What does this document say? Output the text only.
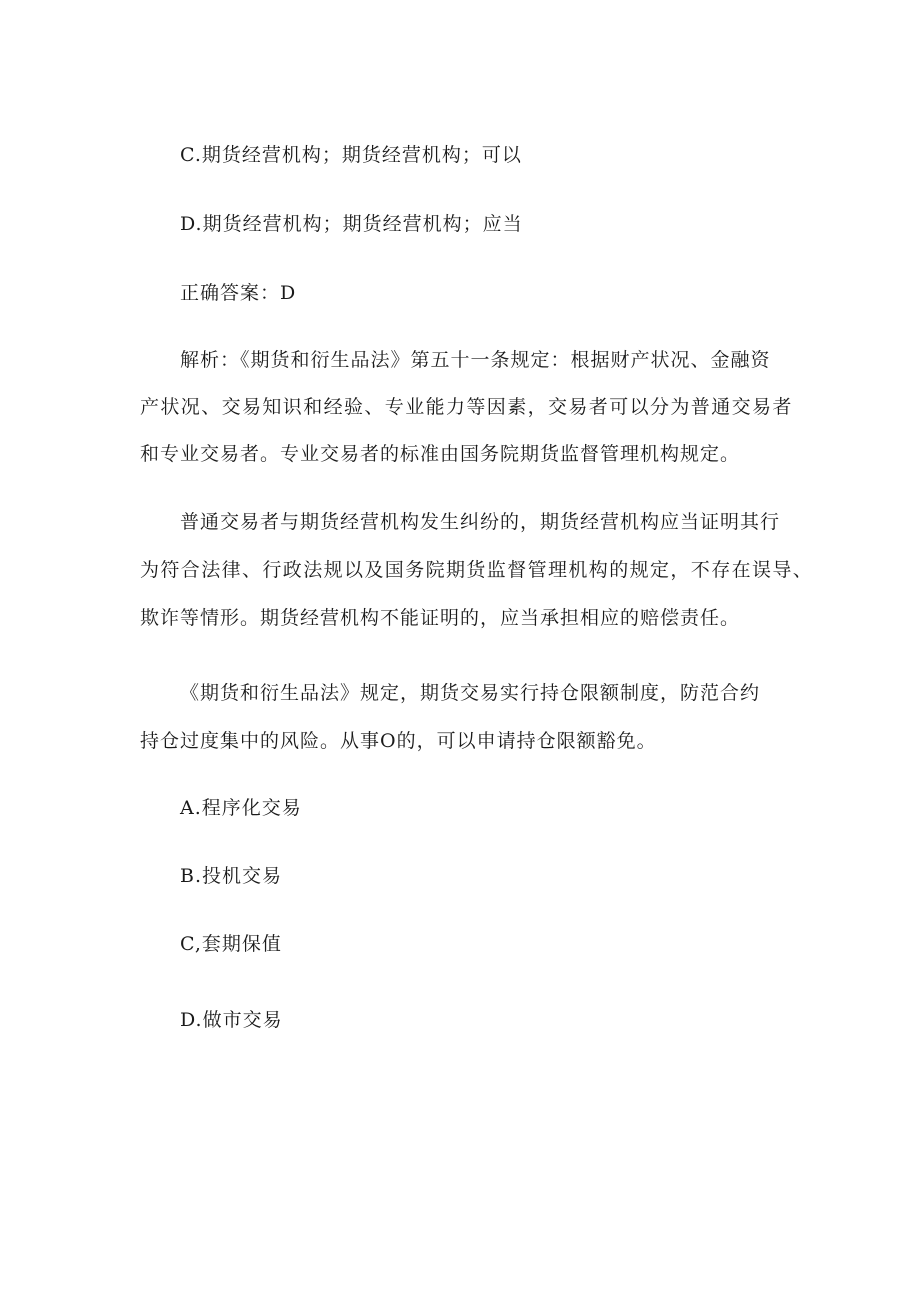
C.期货经营机构；期货经营机构；可以
D.期货经营机构；期货经营机构；应当
正确答案：D
解析：《期货和衍生品法》第五十一条规定：根据财产状况、金融资
产状况、交易知识和经验、专业能力等因素，交易者可以分为普通交易者
和专业交易者。专业交易者的标准由国务院期货监督管理机构规定。
普通交易者与期货经营机构发生纠纷的，期货经营机构应当证明其行
为符合法律、行政法规以及国务院期货监督管理机构的规定，不存在误导、
欺诈等情形。期货经营机构不能证明的，应当承担相应的赔偿责任。
《期货和衍生品法》规定，期货交易实行持仓限额制度，防范合约
持仓过度集中的风险。从事O的，可以申请持仓限额豁免。
A.程序化交易
B.投机交易
C,套期保值
D.做市交易
